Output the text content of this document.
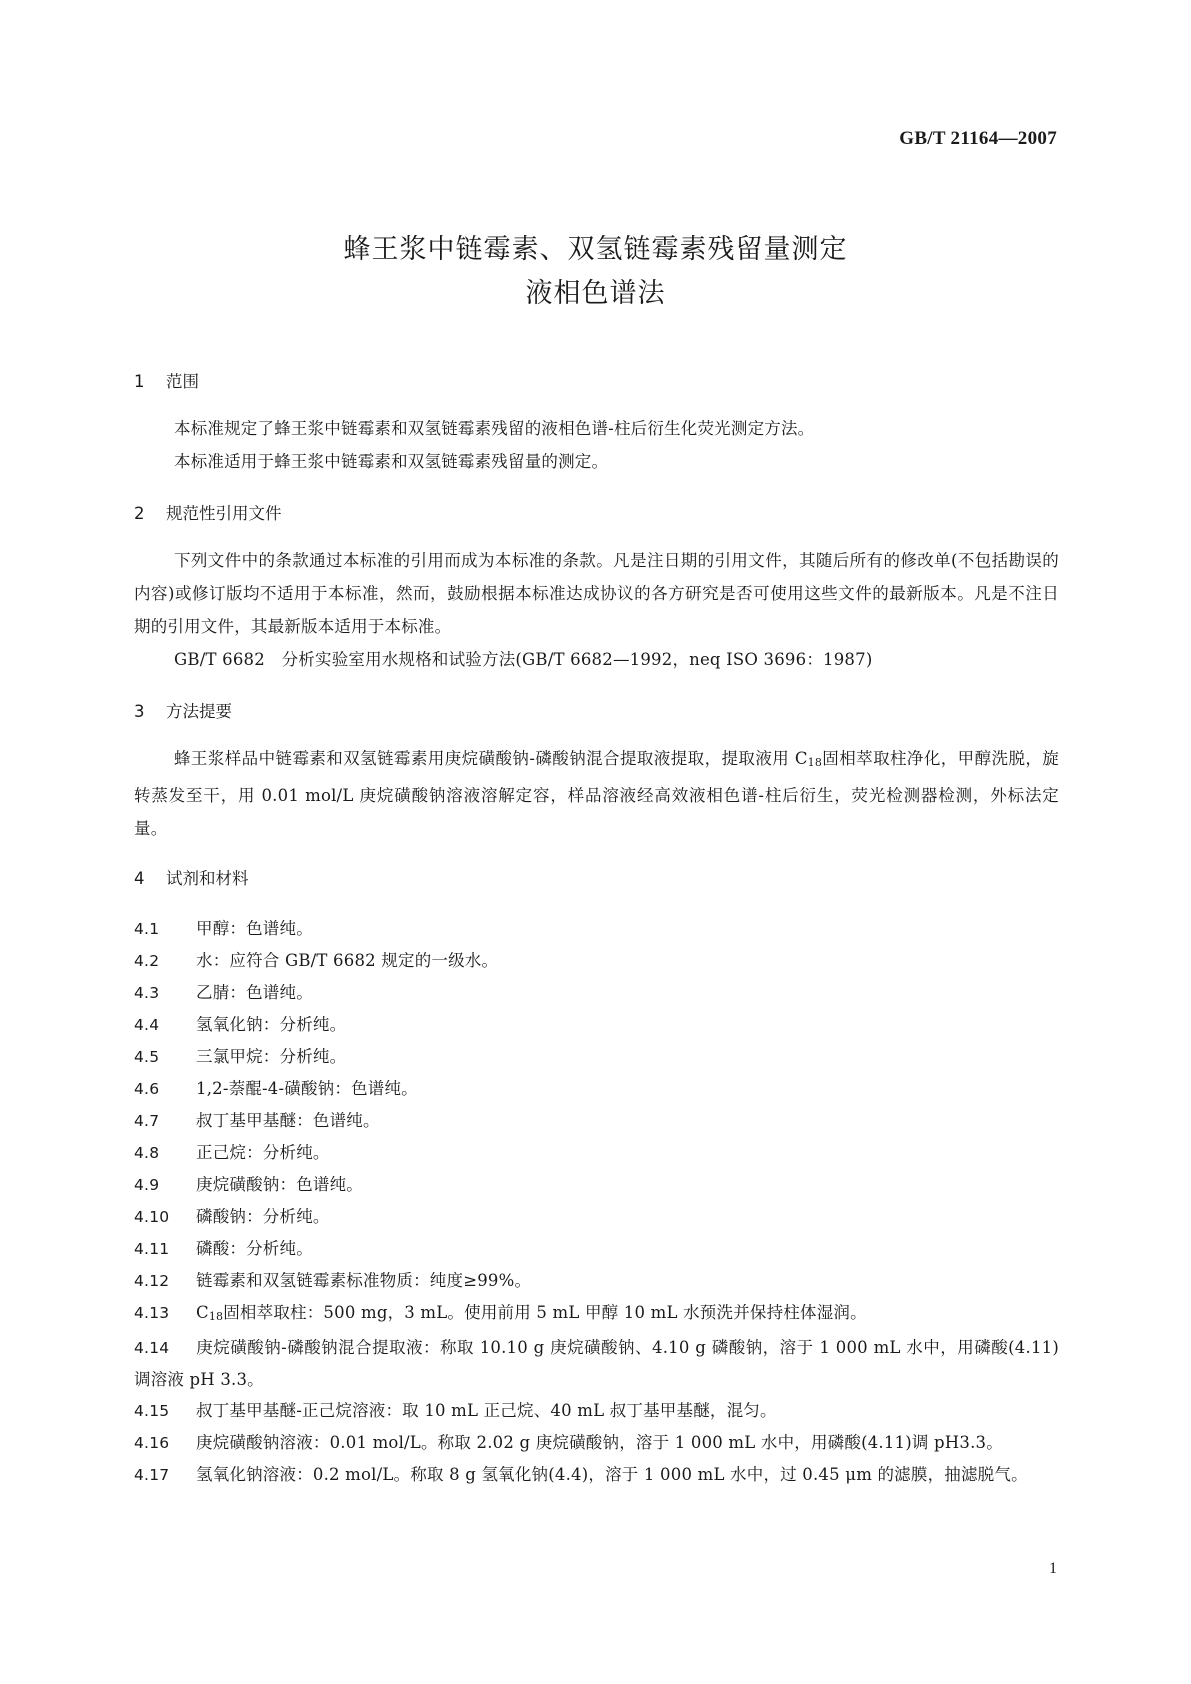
GB/T 21164—2007
蜂王浆中链霉素、双氢链霉素残留量测定
液相色谱法
1 范围
本标准规定了蜂王浆中链霉素和双氢链霉素残留的液相色谱-柱后衍生化荧光测定方法。
本标准适用于蜂王浆中链霉素和双氢链霉素残留量的测定。
2 规范性引用文件
下列文件中的条款通过本标准的引用而成为本标准的条款。凡是注日期的引用文件，其随后所有的修改单(不包括勘误的内容)或修订版均不适用于本标准，然而，鼓励根据本标准达成协议的各方研究是否可使用这些文件的最新版本。凡是不注日期的引用文件，其最新版本适用于本标准。
GB/T 6682　分析实验室用水规格和试验方法(GB/T 6682—1992，neq ISO 3696：1987)
3 方法提要
蜂王浆样品中链霉素和双氢链霉素用庚烷磺酸钠-磷酸钠混合提取液提取，提取液用 C18固相萃取柱净化，甲醇洗脱，旋转蒸发至干，用 0.01 mol/L 庚烷磺酸钠溶液溶解定容，样品溶液经高效液相色谱-柱后衍生，荧光检测器检测，外标法定量。
4 试剂和材料
4.1 甲醇：色谱纯。
4.2 水：应符合 GB/T 6682 规定的一级水。
4.3 乙腈：色谱纯。
4.4 氢氧化钠：分析纯。
4.5 三氯甲烷：分析纯。
4.6 1,2-萘醌-4-磺酸钠：色谱纯。
4.7 叔丁基甲基醚：色谱纯。
4.8 正己烷：分析纯。
4.9 庚烷磺酸钠：色谱纯。
4.10 磷酸钠：分析纯。
4.11 磷酸：分析纯。
4.12 链霉素和双氢链霉素标准物质：纯度≥99%。
4.13 C18固相萃取柱：500 mg，3 mL。使用前用 5 mL 甲醇 10 mL 水预洗并保持柱体湿润。
4.14 庚烷磺酸钠-磷酸钠混合提取液：称取 10.10 g 庚烷磺酸钠、4.10 g 磷酸钠，溶于 1 000 mL 水中，用磷酸(4.11)调溶液 pH 3.3。
4.15 叔丁基甲基醚-正己烷溶液：取 10 mL 正己烷、40 mL 叔丁基甲基醚，混匀。
4.16 庚烷磺酸钠溶液：0.01 mol/L。称取 2.02 g 庚烷磺酸钠，溶于 1 000 mL 水中，用磷酸(4.11)调 pH3.3。
4.17 氢氧化钠溶液：0.2 mol/L。称取 8 g 氢氧化钠(4.4)，溶于 1 000 mL 水中，过 0.45 μm 的滤膜，抽滤脱气。
1
